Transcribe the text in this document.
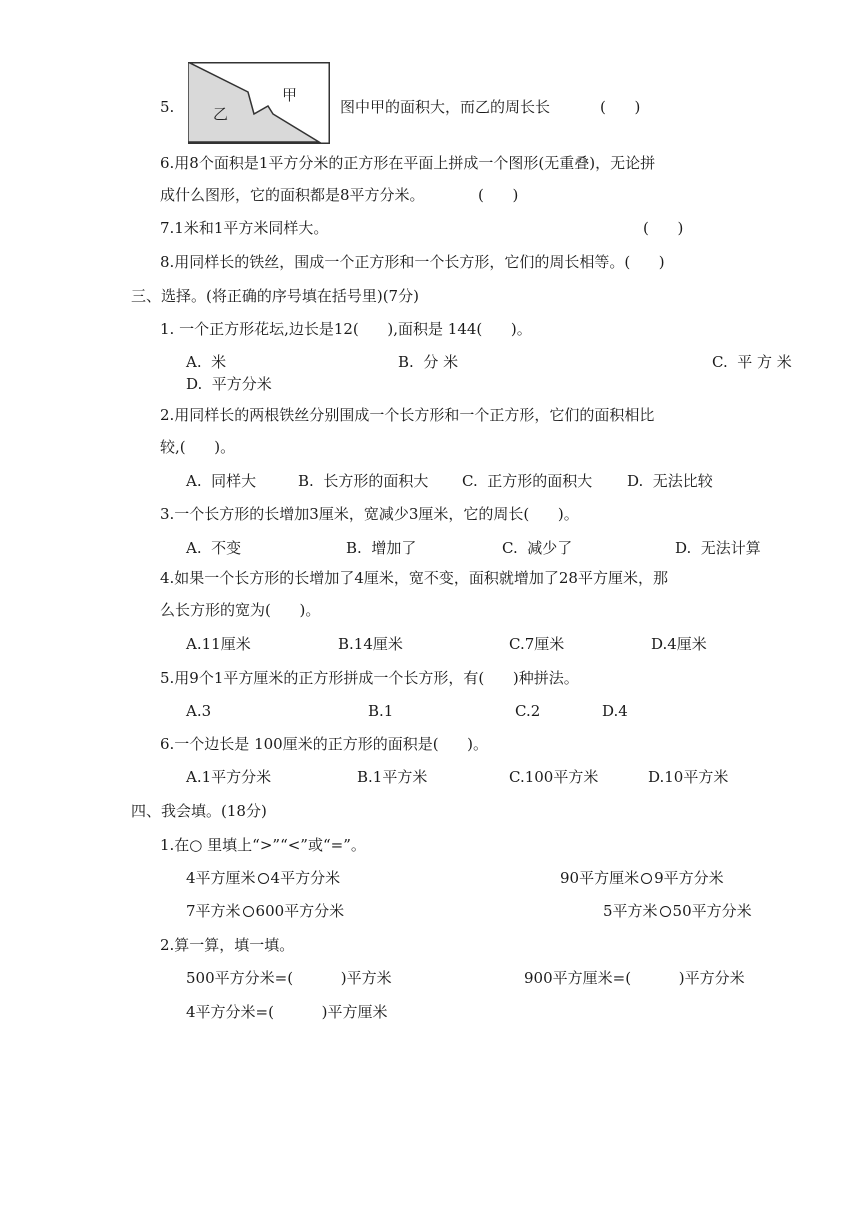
5.
甲
乙	图中甲的面积大，而乙的周长长	(      )
6.用8个面积是1平方分米的正方形在平面上拼成一个图形(无重叠)，无论拼
成什么图形，它的面积都是8平方分米。	(      )
7.1米和1平方米同样大。	(      )
8.用同样长的铁丝，围成一个正方形和一个长方形，它们的周长相等。(      )
三、选择。(将正确的序号填在括号里)(7分)
1. 一个正方形花坛,边长是12(      ),面积是 144(      )。
A.  米	B.  分 米	C.  平 方 米
D.  平方分米
2.用同样长的两根铁丝分别围成一个长方形和一个正方形，它们的面积相比
较,(      )。
A.  同样大	B.  长方形的面积大 C.  正方形的面积大 D.  无法比较
3.一个长方形的长增加3厘米，宽减少3厘米，它的周长(      )。
A.  不变	B.  增加了	C.  减少了	D.  无法计算
4.如果一个长方形的长增加了4厘米，宽不变，面积就增加了28平方厘米，那
么长方形的宽为(      )。
A.11厘米	B.14厘米	C.7厘米	D.4厘米
5.用9个1平方厘米的正方形拼成一个长方形，有(      )种拼法。
A.3	B.1	C.2	D.4
6.一个边长是 100厘米的正方形的面积是(      )。
A.1平方分米	B.1平方米	C.100平方米	D.10平方米
四、我会填。(18分)
1.在○ 里填上“>”“<”或“=”。
4平方厘米 4平方分米	90平方厘米 9平方分米
7平方米 600平方分米	5平方米 50平方分米
2.算一算，填一填。
500平方分米=(          )平方米	900平方厘米=(          )平方分米
4平方分米=(          )平方厘米
